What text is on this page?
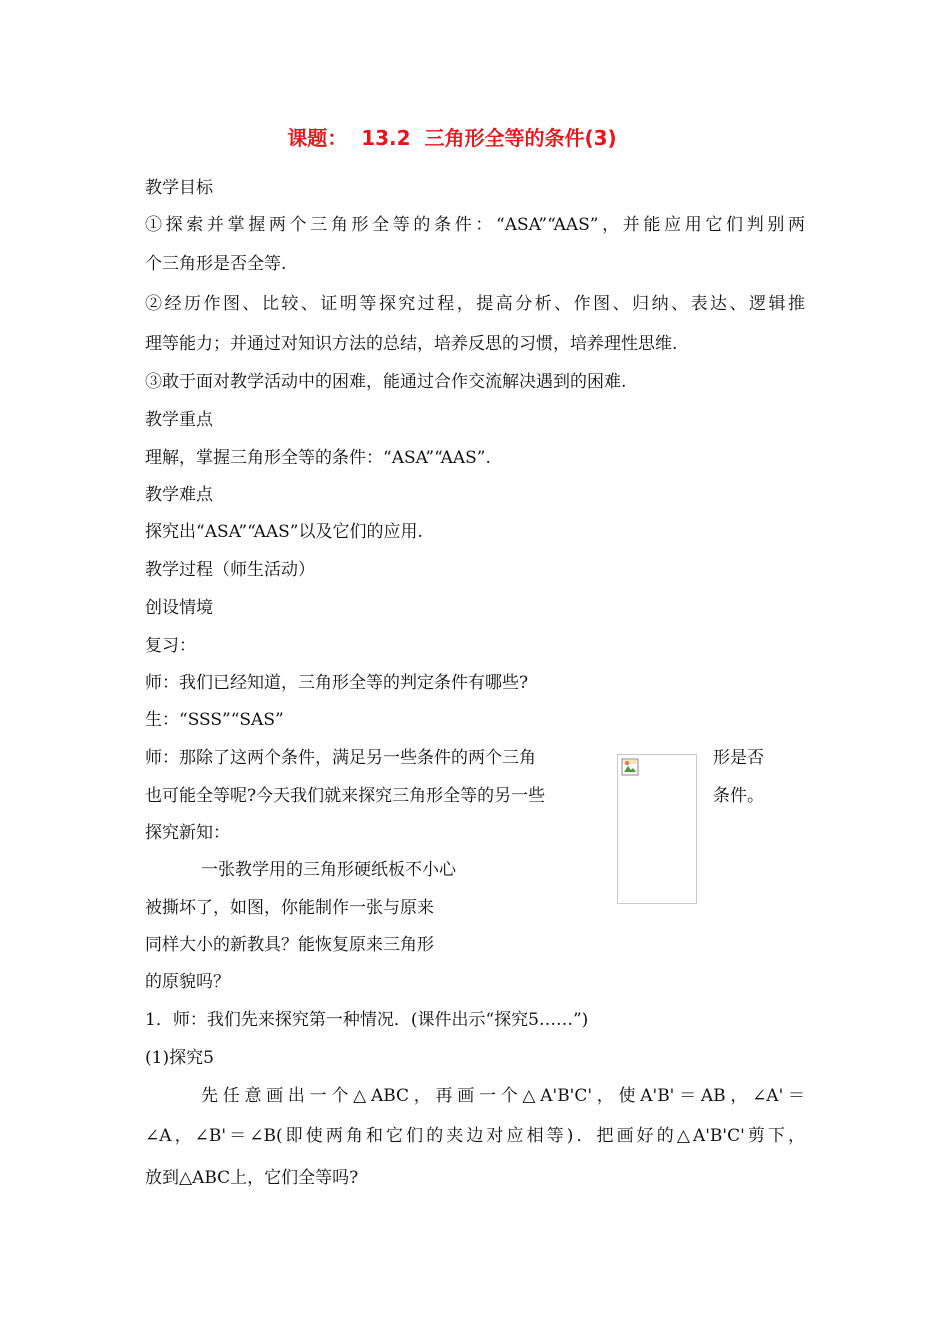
课题：  13.2  三角形全等的条件(3)
教学目标
①探索并掌握两个三角形全等的条件：“ASA”“AAS”，并能应用它们判别两
个三角形是否全等.
②经历作图、比较、证明等探究过程，提高分析、作图、归纳、表达、逻辑推
理等能力；并通过对知识方法的总结，培养反思的习惯，培养理性思维.
③敢于面对教学活动中的困难，能通过合作交流解决遇到的困难.
教学重点
理解，掌握三角形全等的条件：“ASA”“AAS”.
教学难点
探究出“ASA”“AAS”以及它们的应用.
教学过程（师生活动）
创设情境
复习：
师：我们已经知道，三角形全等的判定条件有哪些?
生：“SSS”“SAS”
师：那除了这两个条件，满足另一些条件的两个三角
也可能全等呢?今天我们就来探究三角形全等的另一些
形是否
条件。
探究新知：
一张教学用的三角形硬纸板不小心
被撕坏了，如图，你能制作一张与原来
同样大小的新教具？能恢复原来三角形
的原貌吗？
1．师：我们先来探究第一种情况．(课件出示“探究5……”)
(1)探究5
先任意画出一个△ABC，再画一个△A'B'C'，使A'B'＝AB，∠A'＝
∠A，∠B'＝∠B(即使两角和它们的夹边对应相等)．把画好的△A'B'C'剪下，
放到△ABC上，它们全等吗?
